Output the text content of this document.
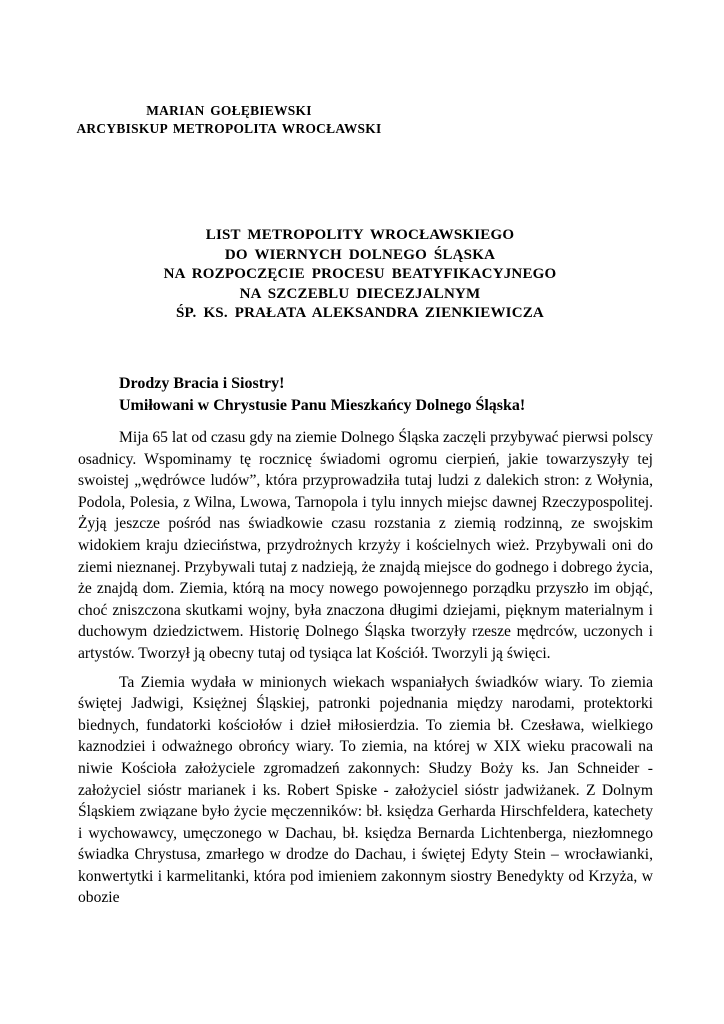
MARIAN GOŁĘBIEWSKI
ARCYBISKUP METROPOLITA WROCŁAWSKI
LIST METROPOLITY WROCŁAWSKIEGO
DO WIERNYCH DOLNEGO ŚLĄSKA
NA ROZPOCZĘCIE PROCESU BEATYFIKACYJNEGO
NA SZCZEBLU DIECEZJALNYM
ŚP. KS. PRAŁATA ALEKSANDRA ZIENKIEWICZA
Drodzy Bracia i Siostry!
Umiłowani w Chrystusie Panu Mieszkańcy Dolnego Śląska!

Mija 65 lat od czasu gdy na ziemie Dolnego Śląska zaczęli przybywać pierwsi polscy osadnicy. Wspominamy tę rocznicę świadomi ogromu cierpień, jakie towarzyszyły tej swoistej „wędrówce ludów”, która przyprowadziła tutaj ludzi z dalekich stron: z Wołynia, Podola, Polesia, z Wilna, Lwowa, Tarnopola i tylu innych miejsc dawnej Rzeczypospolitej. Żyją jeszcze pośród nas świadkowie czasu rozstania z ziemią rodzinną, ze swojskim widokiem kraju dzieciństwa, przydrożnych krzyży i kościelnych wież. Przybywali oni do ziemi nieznanej. Przybywali tutaj z nadzieją, że znajdą miejsce do godnego i dobrego życia, że znajdą dom. Ziemia, którą na mocy nowego powojennego porządku przyszło im objąć, choć zniszczona skutkami wojny, była znaczona długimi dziejami, pięknym materialnym i duchowym dziedzictwem. Historię Dolnego Śląska tworzyły rzesze mędrców, uczonych i artystów. Tworzył ją obecny tutaj od tysiąca lat Kościół. Tworzyli ją święci.

Ta Ziemia wydała w minionych wiekach wspaniałych świadków wiary. To ziemia świętej Jadwigi, Księżnej Śląskiej, patronki pojednania między narodami, protektorki biednych, fundatorki kościołów i dzieł miłosierdzia. To ziemia bł. Czesława, wielkiego kaznodziei i odważnego obrońcy wiary. To ziemia, na której w XIX wieku pracowali na niwie Kościoła założyciele zgromadzeń zakonnych: Słudzy Boży ks. Jan Schneider - założyciel sióstr marianek i ks. Robert Spiske - założyciel sióstr jadwiżanek. Z Dolnym Śląskiem związane było życie męczenników: bł. księdza Gerharda Hirschfeldera, katechety i wychowawcy, umęczonego w Dachau, bł. księdza Bernarda Lichtenberga, niezłomnego świadka Chrystusa, zmarłego w drodze do Dachau, i świętej Edyty Stein – wrocławianki, konwertytki i karmelitanki, która pod imieniem zakonnym siostry Benedykty od Krzyża, w obozie
